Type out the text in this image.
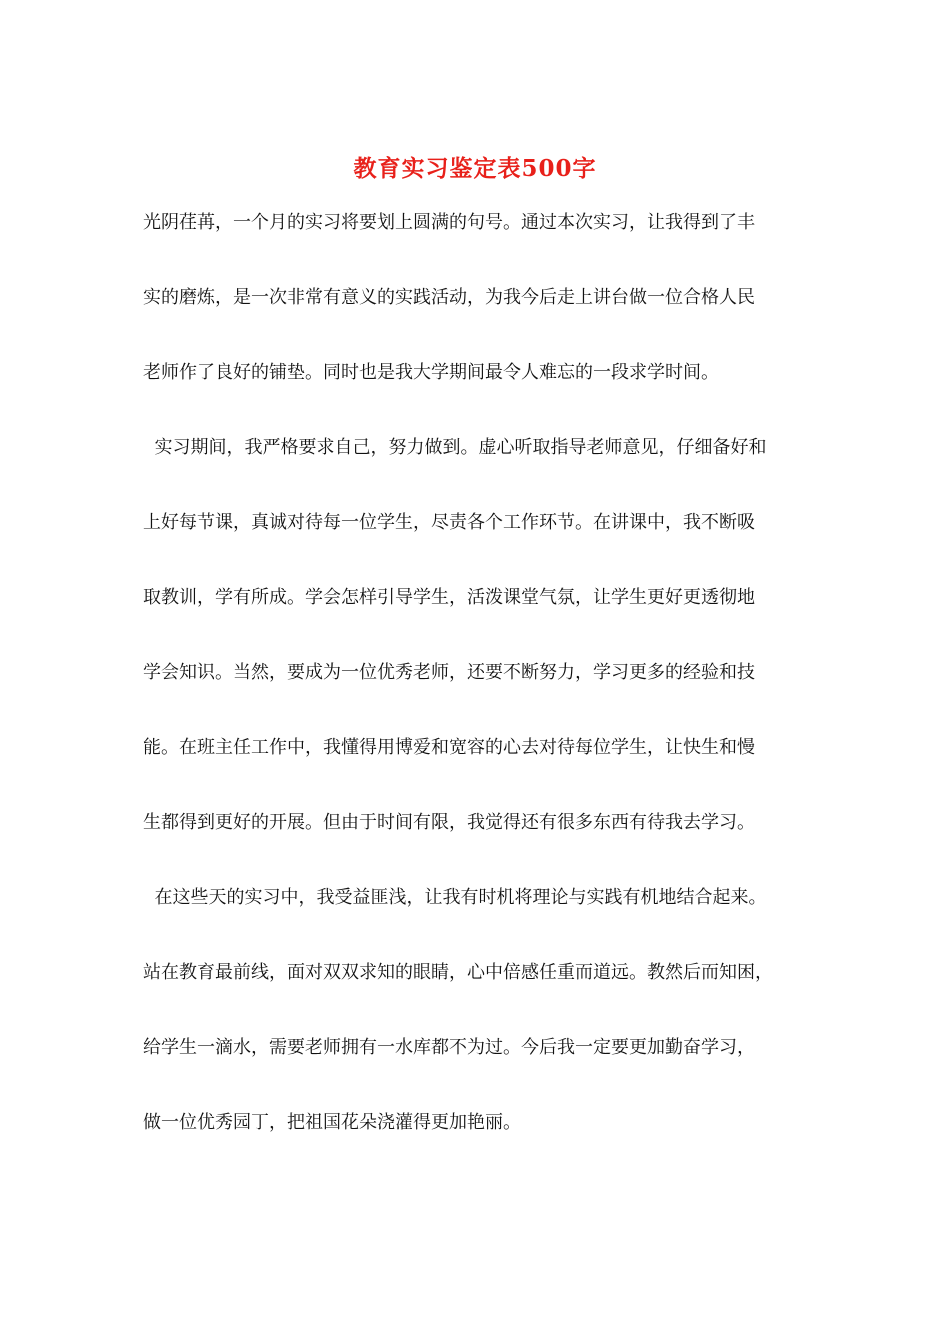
教育实习鉴定表500字
光阴荏苒，一个月的实习将要划上圆满的句号。通过本次实习，让我得到了丰
实的磨炼，是一次非常有意义的实践活动，为我今后走上讲台做一位合格人民
老师作了良好的铺垫。同时也是我大学期间最令人难忘的一段求学时间。
实习期间，我严格要求自己，努力做到。虚心听取指导老师意见，仔细备好和
上好每节课，真诚对待每一位学生，尽责各个工作环节。在讲课中，我不断吸
取教训，学有所成。学会怎样引导学生，活泼课堂气氛，让学生更好更透彻地
学会知识。当然，要成为一位优秀老师，还要不断努力，学习更多的经验和技
能。在班主任工作中，我懂得用博爱和宽容的心去对待每位学生，让快生和慢
生都得到更好的开展。但由于时间有限，我觉得还有很多东西有待我去学习。
在这些天的实习中，我受益匪浅，让我有时机将理论与实践有机地结合起来。
站在教育最前线，面对双双求知的眼睛，心中倍感任重而道远。教然后而知困，
给学生一滴水，需要老师拥有一水库都不为过。今后我一定要更加勤奋学习，
做一位优秀园丁，把祖国花朵浇灌得更加艳丽。
